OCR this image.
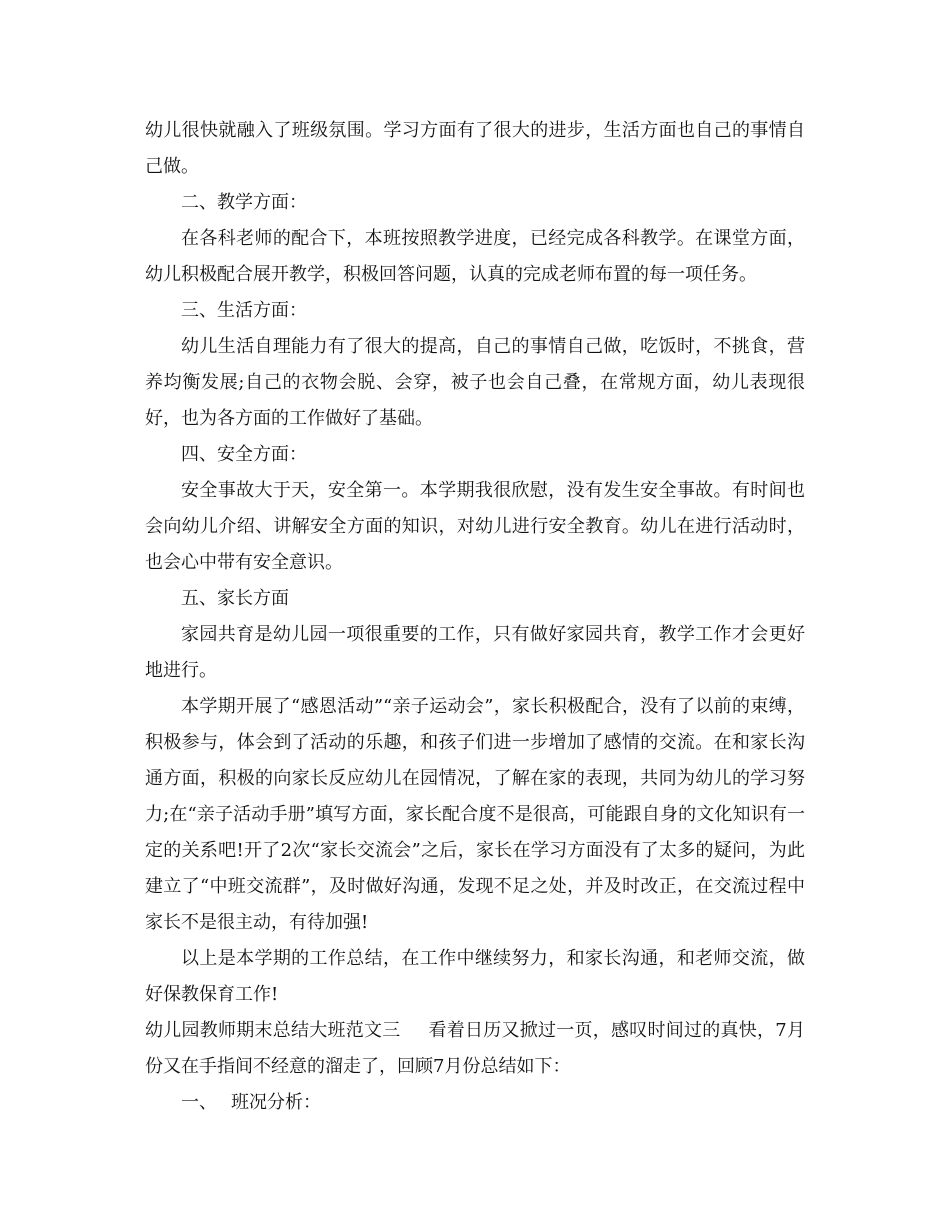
幼儿很快就融入了班级氛围。学习方面有了很大的进步，生活方面也自己的事情自己做。

二、教学方面：

在各科老师的配合下，本班按照教学进度，已经完成各科教学。在课堂方面，幼儿积极配合展开教学，积极回答问题，认真的完成老师布置的每一项任务。

三、生活方面：

幼儿生活自理能力有了很大的提高，自己的事情自己做，吃饭时，不挑食，营养均衡发展;自己的衣物会脱、会穿，被子也会自己叠，在常规方面，幼儿表现很好，也为各方面的工作做好了基础。

四、安全方面：

安全事故大于天，安全第一。本学期我很欣慰，没有发生安全事故。有时间也会向幼儿介绍、讲解安全方面的知识，对幼儿进行安全教育。幼儿在进行活动时，也会心中带有安全意识。

五、家长方面

家园共育是幼儿园一项很重要的工作，只有做好家园共育，教学工作才会更好地进行。

本学期开展了“感恩活动”“亲子运动会”，家长积极配合，没有了以前的束缚，积极参与，体会到了活动的乐趣，和孩子们进一步增加了感情的交流。在和家长沟通方面，积极的向家长反应幼儿在园情况，了解在家的表现，共同为幼儿的学习努力;在“亲子活动手册”填写方面，家长配合度不是很高，可能跟自身的文化知识有一定的关系吧!开了2次“家长交流会”之后，家长在学习方面没有了太多的疑问，为此建立了“中班交流群”，及时做好沟通，发现不足之处，并及时改正，在交流过程中家长不是很主动，有待加强!

以上是本学期的工作总结，在工作中继续努力，和家长沟通，和老师交流，做好保教保育工作!

幼儿园教师期末总结大班范文三 看着日历又掀过一页，感叹时间过的真快，7月份又在手指间不经意的溜走了，回顾7月份总结如下：

一、 班况分析：
